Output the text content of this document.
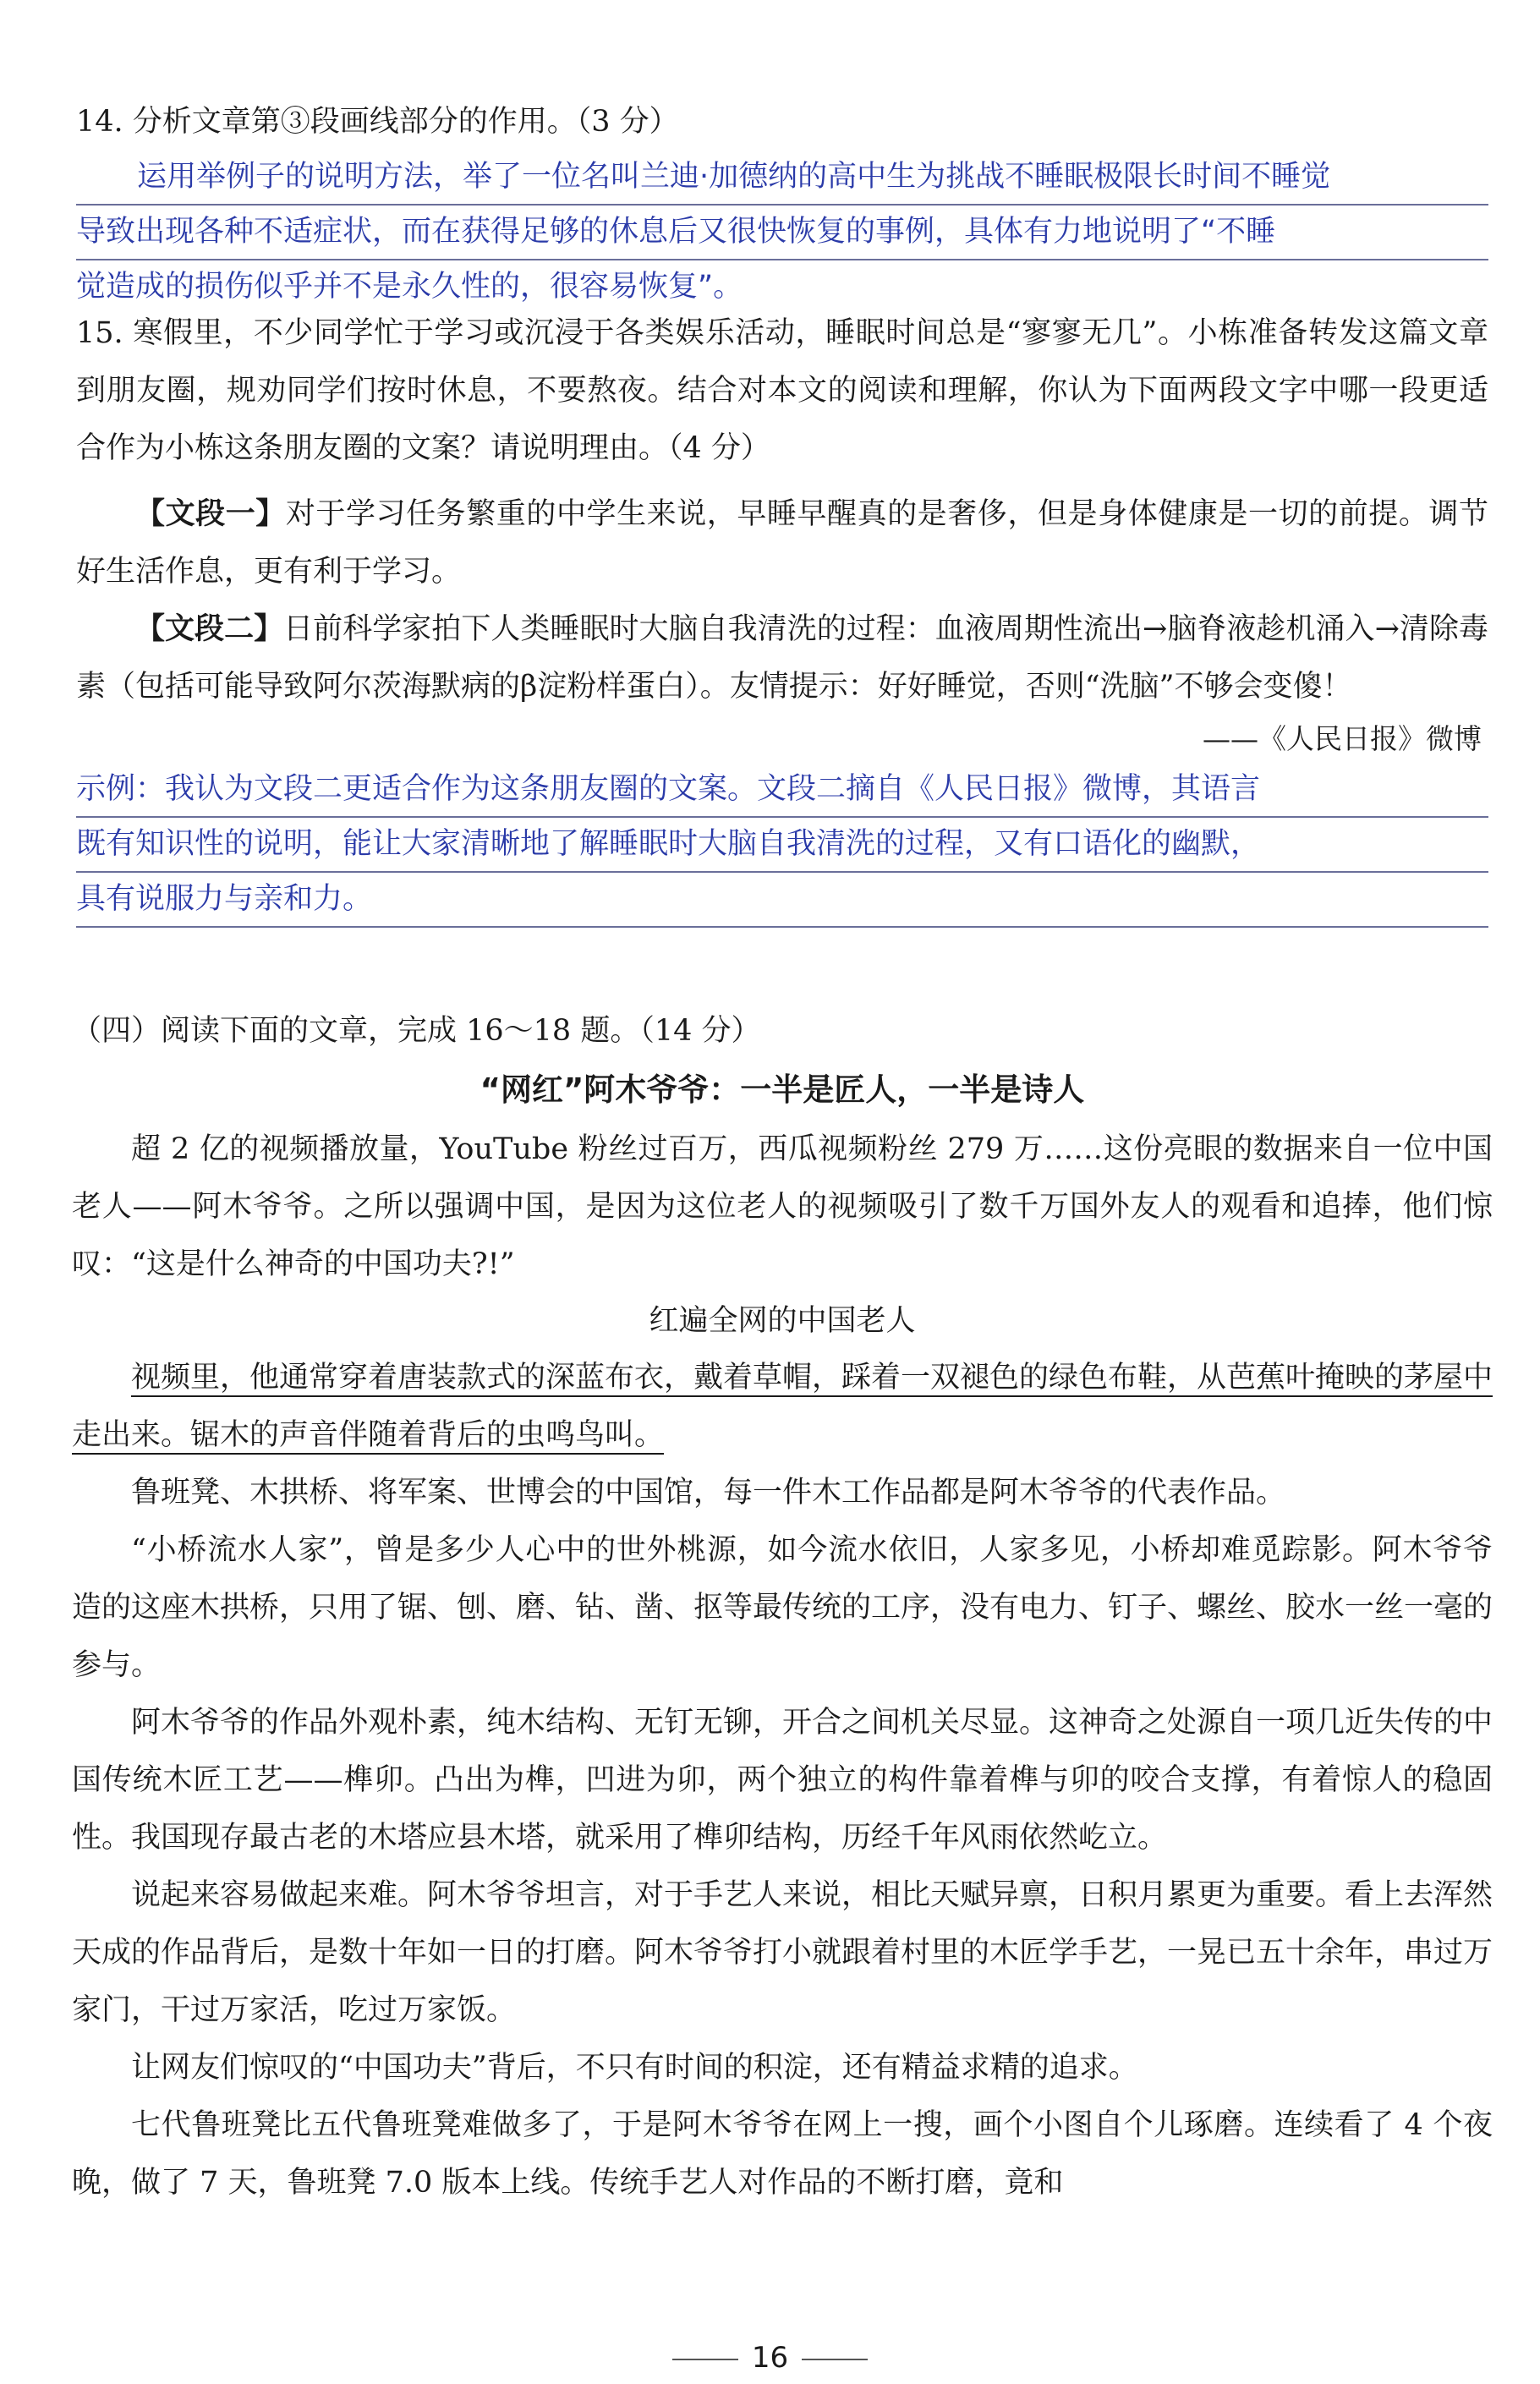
14. 分析文章第③段画线部分的作用。（3 分）

运用举例子的说明方法，举了一位名叫兰迪·加德纳的高中生为挑战不睡眠极限长时间不睡觉
导致出现各种不适症状，而在获得足够的休息后又很快恢复的事例，具体有力地说明了“不睡
觉造成的损伤似乎并不是永久性的，很容易恢复”。

15. 寒假里，不少同学忙于学习或沉浸于各类娱乐活动，睡眠时间总是“寥寥无几”。小栋准备转发这篇文章到朋友圈，规劝同学们按时休息，不要熬夜。结合对本文的阅读和理解，你认为下面两段文字中哪一段更适合作为小栋这条朋友圈的文案？请说明理由。（4 分）

【文段一】对于学习任务繁重的中学生来说，早睡早醒真的是奢侈，但是身体健康是一切的前提。调节好生活作息，更有利于学习。

【文段二】日前科学家拍下人类睡眠时大脑自我清洗的过程：血液周期性流出→脑脊液趁机涌入→清除毒素（包括可能导致阿尔茨海默病的β淀粉样蛋白）。友情提示：好好睡觉，否则“洗脑”不够会变傻！

——《人民日报》微博

示例：我认为文段二更适合作为这条朋友圈的文案。文段二摘自《人民日报》微博，其语言
既有知识性的说明，能让大家清晰地了解睡眠时大脑自我清洗的过程，又有口语化的幽默，
具有说服力与亲和力。

（四）阅读下面的文章，完成 16～18 题。（14 分）

“网红”阿木爷爷：一半是匠人，一半是诗人

超 2 亿的视频播放量，YouTube 粉丝过百万，西瓜视频粉丝 279 万……这份亮眼的数据来自一位中国老人——阿木爷爷。之所以强调中国，是因为这位老人的视频吸引了数千万国外友人的观看和追捧，他们惊叹：“这是什么神奇的中国功夫?!”

红遍全网的中国老人

视频里，他通常穿着唐装款式的深蓝布衣，戴着草帽，踩着一双褪色的绿色布鞋，从芭蕉叶掩映的茅屋中走出来。锯木的声音伴随着背后的虫鸣鸟叫。

鲁班凳、木拱桥、将军案、世博会的中国馆，每一件木工作品都是阿木爷爷的代表作品。

“小桥流水人家”，曾是多少人心中的世外桃源，如今流水依旧，人家多见，小桥却难觅踪影。阿木爷爷造的这座木拱桥，只用了锯、刨、磨、钻、凿、抠等最传统的工序，没有电力、钉子、螺丝、胶水一丝一毫的参与。

阿木爷爷的作品外观朴素，纯木结构、无钉无铆，开合之间机关尽显。这神奇之处源自一项几近失传的中国传统木匠工艺——榫卯。凸出为榫，凹进为卯，两个独立的构件靠着榫与卯的咬合支撑，有着惊人的稳固性。我国现存最古老的木塔应县木塔，就采用了榫卯结构，历经千年风雨依然屹立。

说起来容易做起来难。阿木爷爷坦言，对于手艺人来说，相比天赋异禀，日积月累更为重要。看上去浑然天成的作品背后，是数十年如一日的打磨。阿木爷爷打小就跟着村里的木匠学手艺，一晃已五十余年，串过万家门，干过万家活，吃过万家饭。

让网友们惊叹的“中国功夫”背后，不只有时间的积淀，还有精益求精的追求。

七代鲁班凳比五代鲁班凳难做多了，于是阿木爷爷在网上一搜，画个小图自个儿琢磨。连续看了 4 个夜晚，做了 7 天，鲁班凳 7.0 版本上线。传统手艺人对作品的不断打磨，竟和

16
